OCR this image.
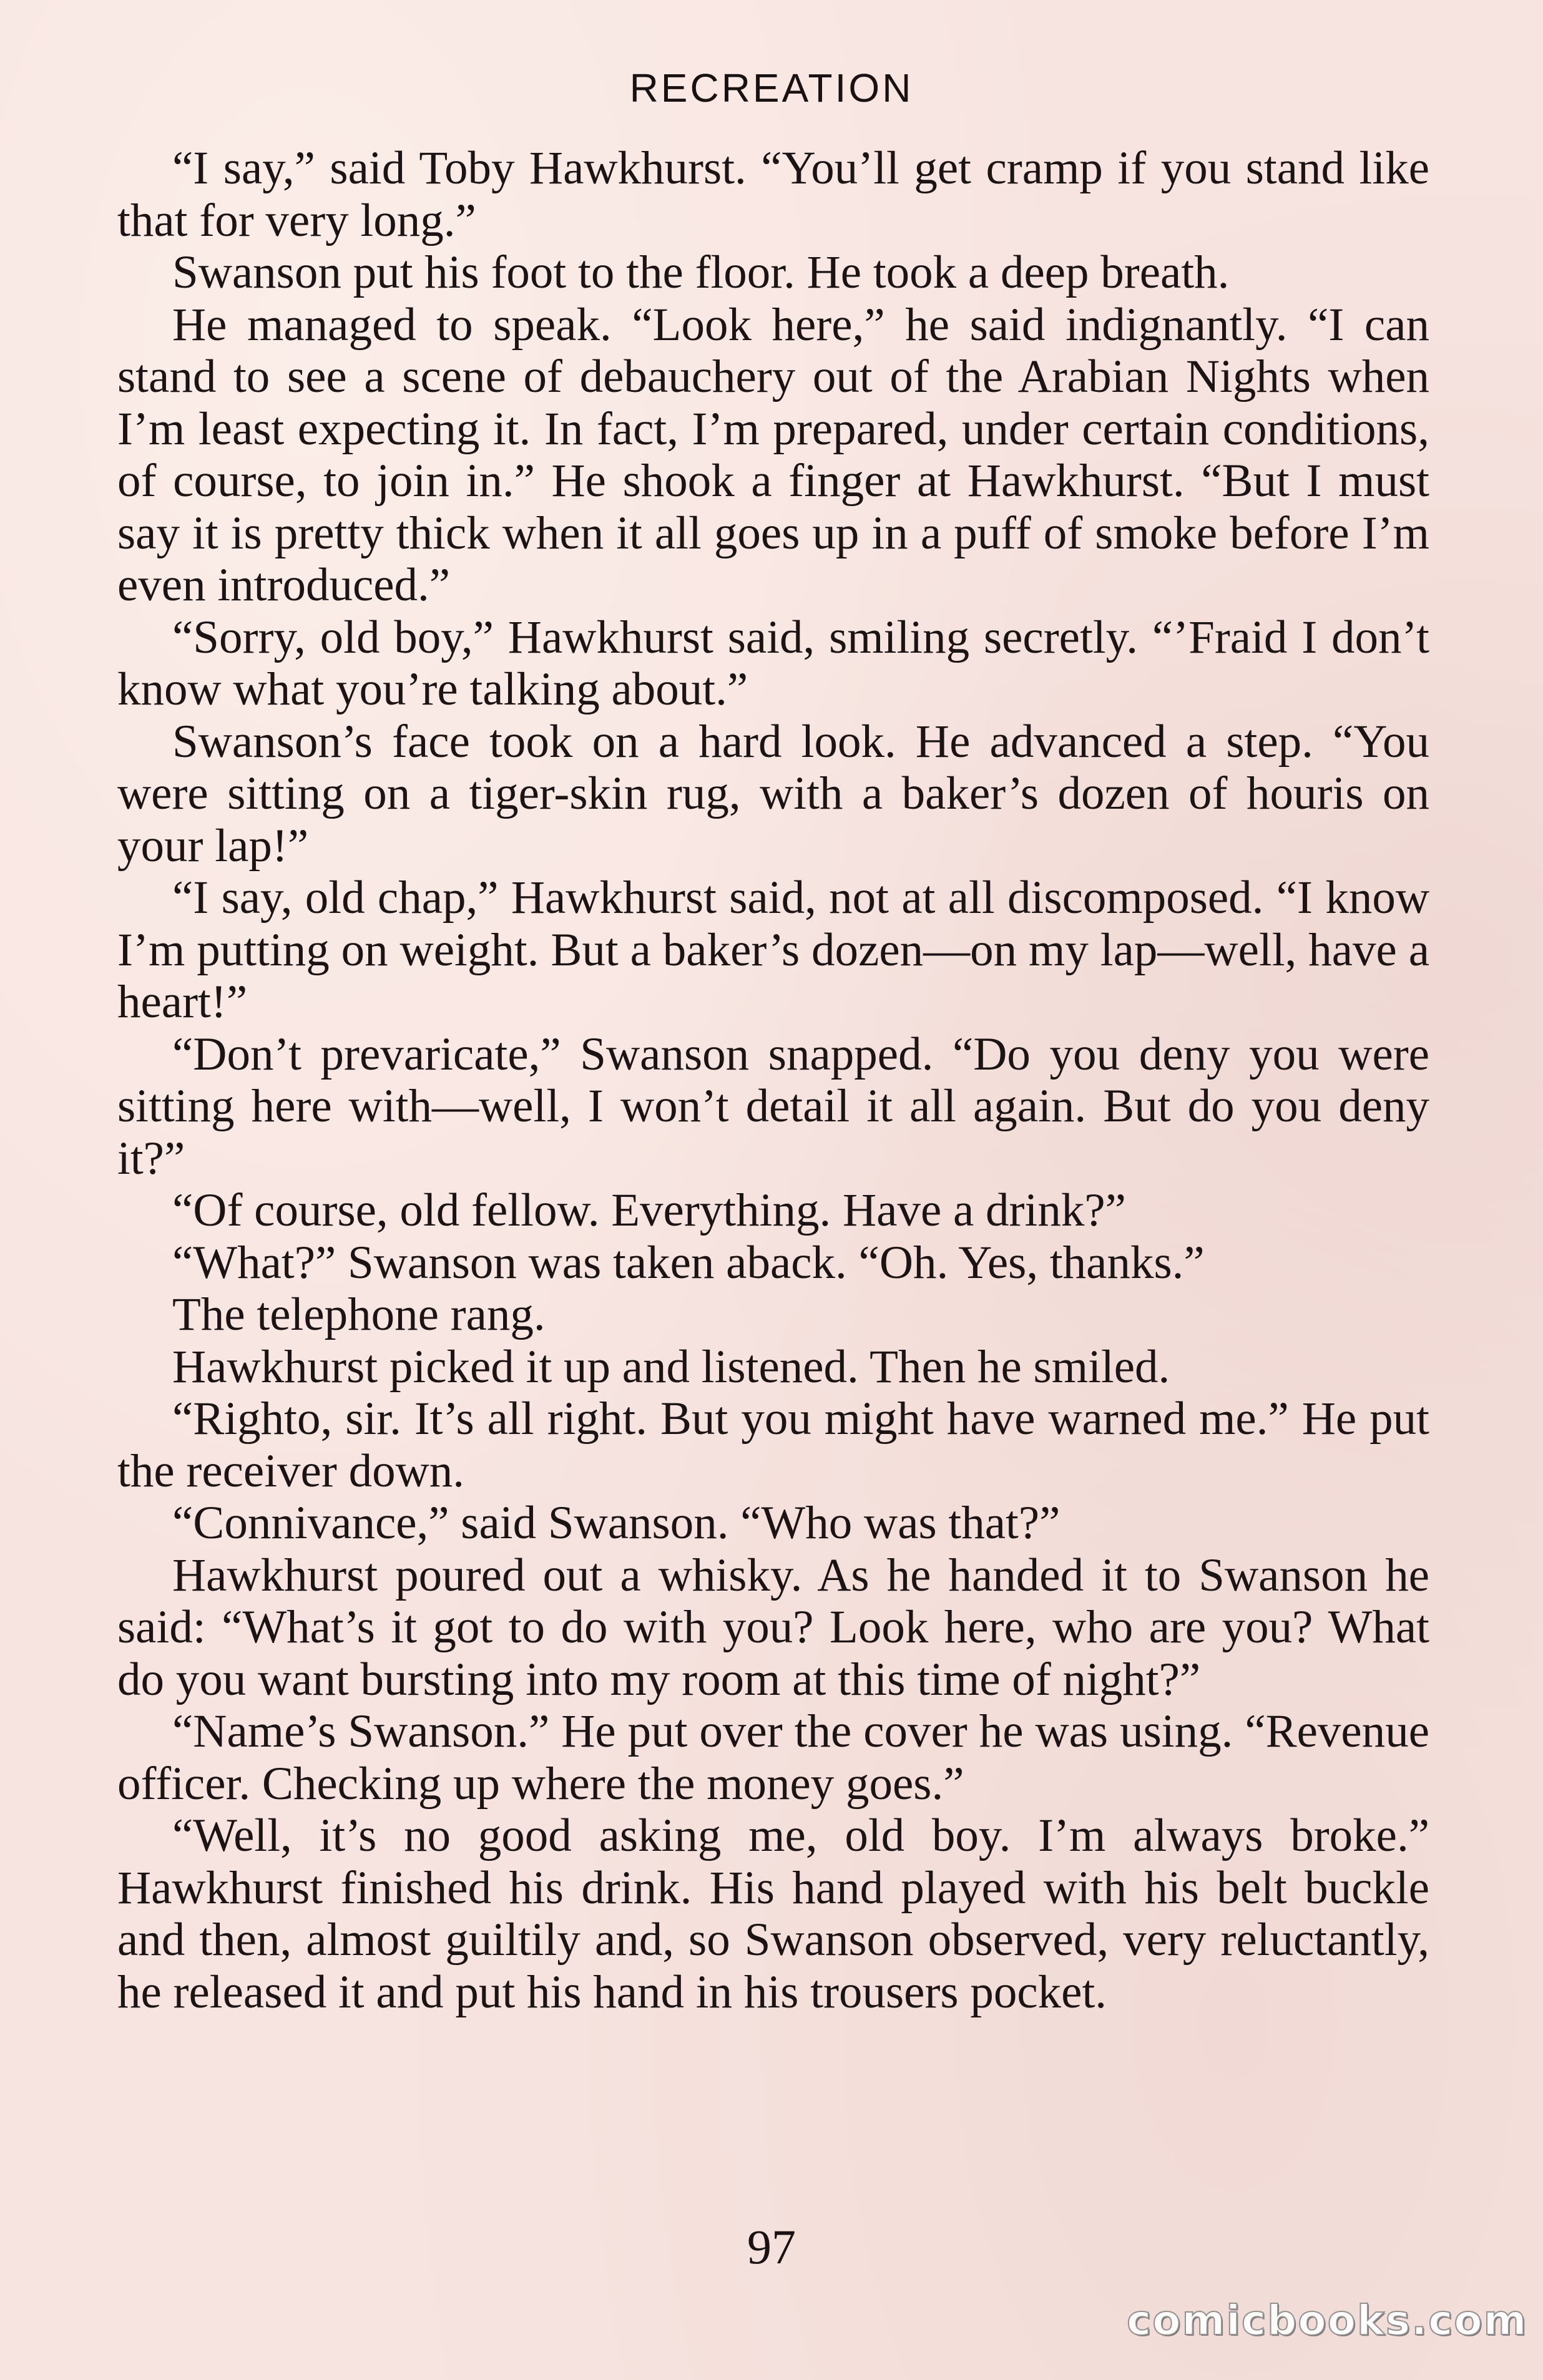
RECREATION

“I say,” said Toby Hawkhurst. “You’ll get cramp if you stand like that for very long.”

Swanson put his foot to the floor. He took a deep breath.

He managed to speak. “Look here,” he said indignantly. “I can stand to see a scene of debauchery out of the Arabian Nights when I’m least expecting it. In fact, I’m prepared, under certain conditions, of course, to join in.” He shook a finger at Hawkhurst. “But I must say it is pretty thick when it all goes up in a puff of smoke before I’m even introduced.”

“Sorry, old boy,” Hawkhurst said, smiling secretly. “’Fraid I don’t know what you’re talking about.”

Swanson’s face took on a hard look. He advanced a step. “You were sitting on a tiger-skin rug, with a baker’s dozen of houris on your lap!”

“I say, old chap,” Hawkhurst said, not at all discomposed. “I know I’m putting on weight. But a baker’s dozen—on my lap—well, have a heart!”

“Don’t prevaricate,” Swanson snapped. “Do you deny you were sitting here with—well, I won’t detail it all again. But do you deny it?”

“Of course, old fellow. Everything. Have a drink?”

“What?” Swanson was taken aback. “Oh. Yes, thanks.”

The telephone rang.

Hawkhurst picked it up and listened. Then he smiled.

“Righto, sir. It’s all right. But you might have warned me.” He put the receiver down.

“Connivance,” said Swanson. “Who was that?”

Hawkhurst poured out a whisky. As he handed it to Swanson he said: “What’s it got to do with you? Look here, who are you? What do you want bursting into my room at this time of night?”

“Name’s Swanson.” He put over the cover he was using. “Revenue officer. Checking up where the money goes.”

“Well, it’s no good asking me, old boy. I’m always broke.” Hawkhurst finished his drink. His hand played with his belt buckle and then, almost guiltily and, so Swanson observed, very reluctantly, he released it and put his hand in his trousers pocket.

97
comicbooks.com
